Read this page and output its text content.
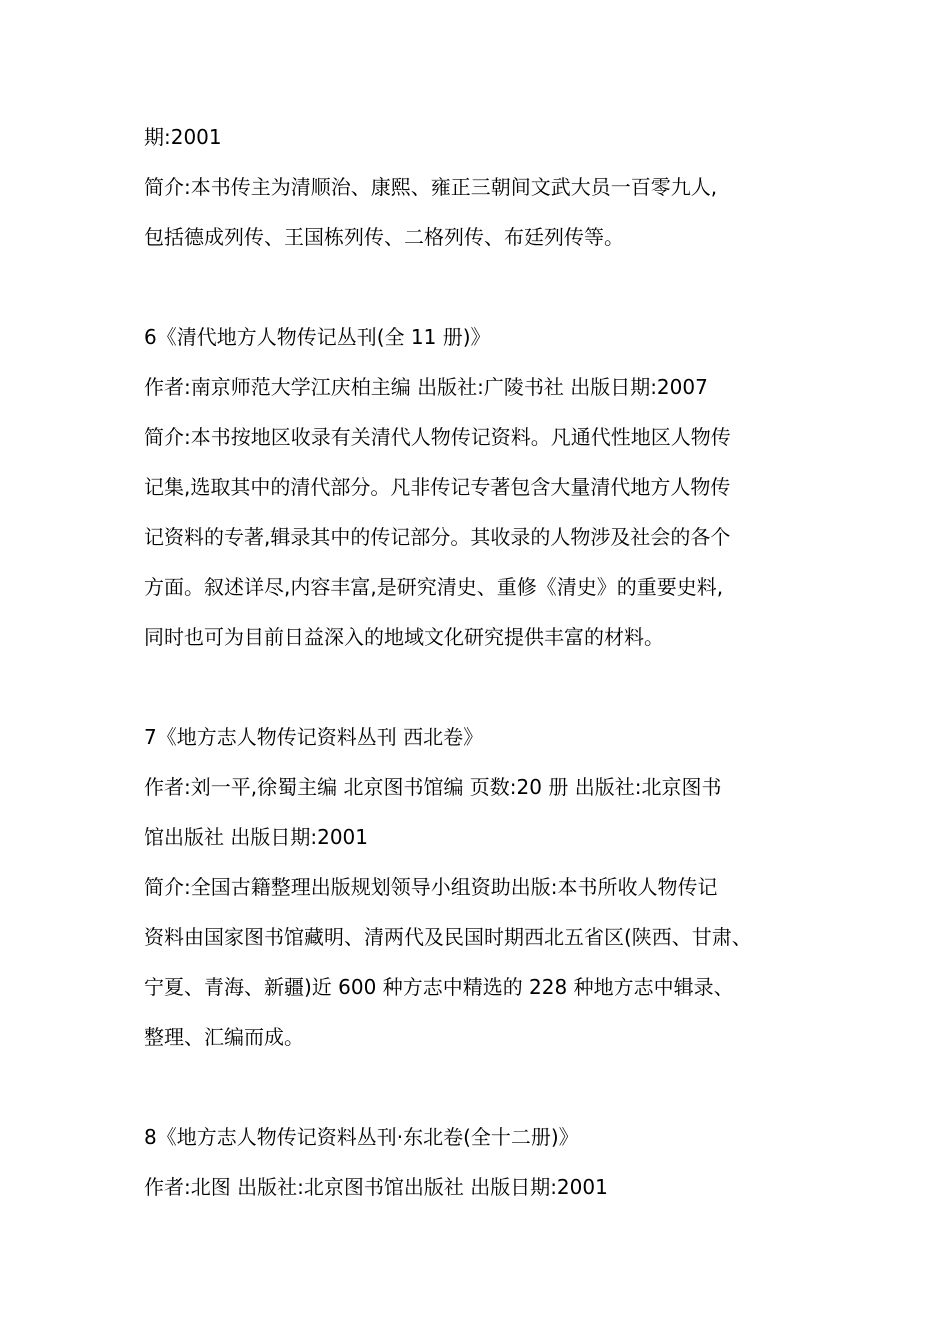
期:2001
简介:本书传主为清顺治、康熙、雍正三朝间文武大员一百零九人,
包括德成列传、王国栋列传、二格列传、布廷列传等。
6《清代地方人物传记丛刊(全 11 册)》
作者:南京师范大学江庆柏主编 出版社:广陵书社 出版日期:2007
简介:本书按地区收录有关清代人物传记资料。凡通代性地区人物传
记集,选取其中的清代部分。凡非传记专著包含大量清代地方人物传
记资料的专著,辑录其中的传记部分。其收录的人物涉及社会的各个
方面。叙述详尽,内容丰富,是研究清史、重修《清史》的重要史料,
同时也可为目前日益深入的地域文化研究提供丰富的材料。
7《地方志人物传记资料丛刊 西北卷》
作者:刘一平,徐蜀主编 北京图书馆编 页数:20 册 出版社:北京图书
馆出版社 出版日期:2001
简介:全国古籍整理出版规划领导小组资助出版:本书所收人物传记
资料由国家图书馆藏明、清两代及民国时期西北五省区(陕西、甘肃、
宁夏、青海、新疆)近 600 种方志中精选的 228 种地方志中辑录、
整理、汇编而成。
8《地方志人物传记资料丛刊·东北卷(全十二册)》
作者:北图 出版社:北京图书馆出版社 出版日期:2001
